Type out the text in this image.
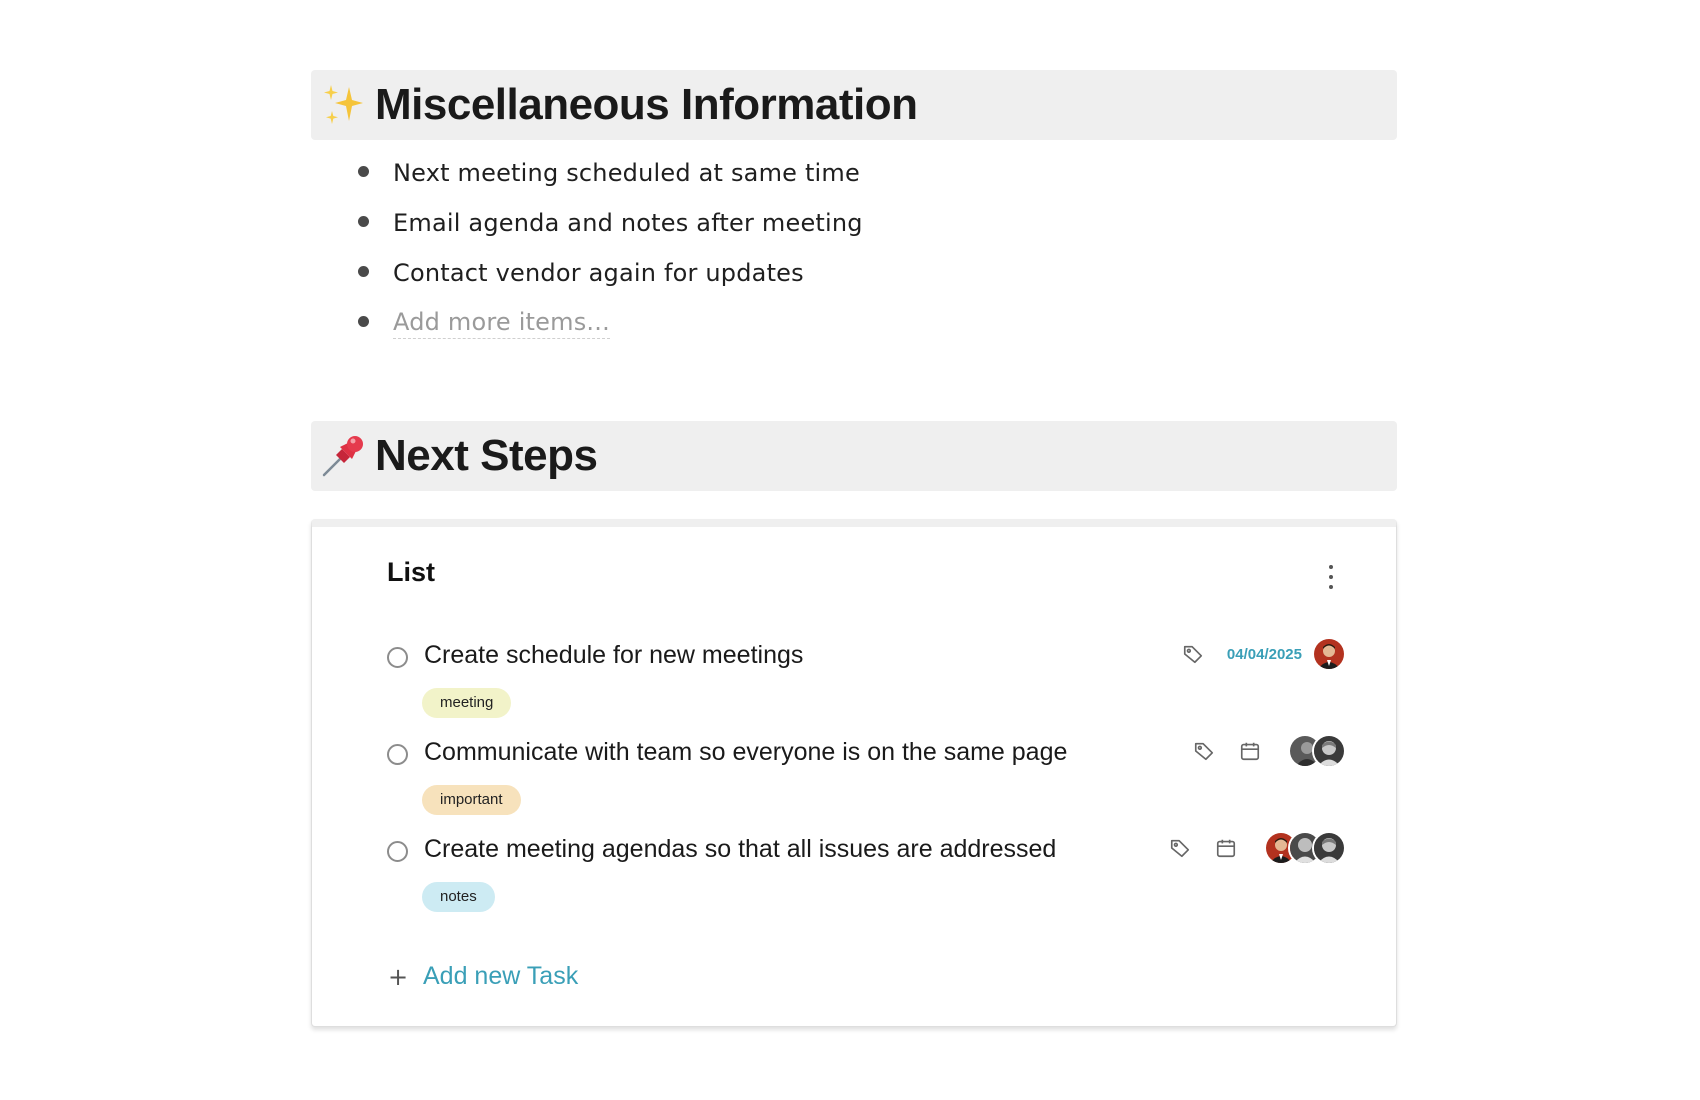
Miscellaneous Information
Next meeting scheduled at same time
Email agenda and notes after meeting
Contact vendor again for updates
Add more items...
Next Steps
List
Create schedule for new meetings
meeting
04/04/2025
Communicate with team so everyone is on the same page
important
Create meeting agendas so that all issues are addressed
notes
+ Add new Task
